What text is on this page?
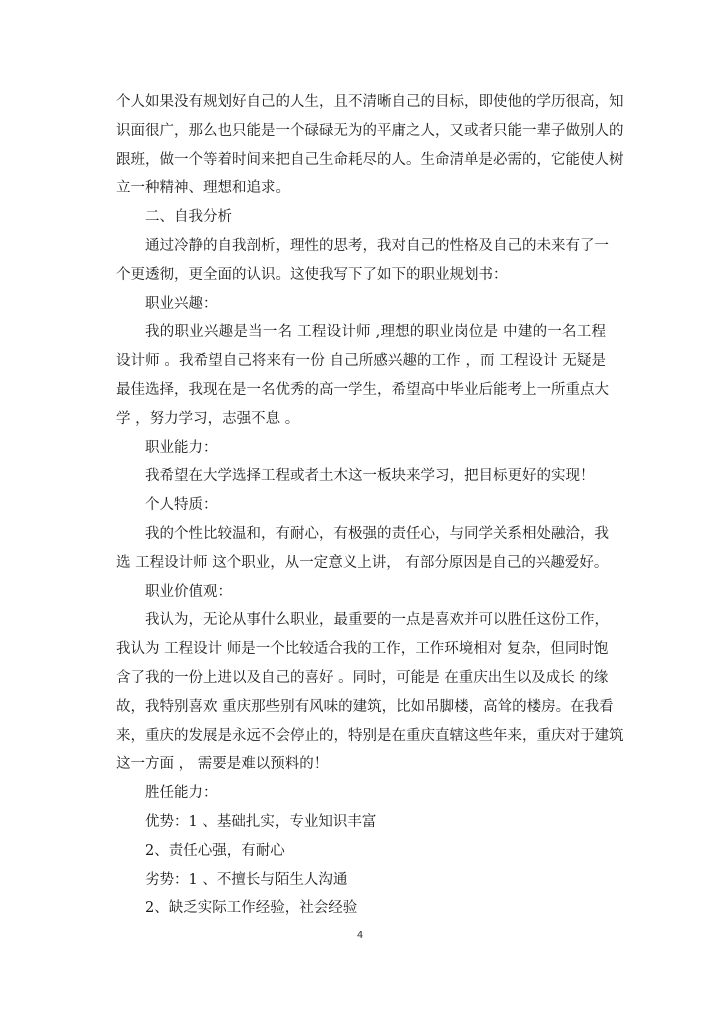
个人如果没有规划好自己的人生，且不清晰自己的目标，即使他的学历很高，知
识面很广，那么也只能是一个碌碌无为的平庸之人，又或者只能一辈子做别人的
跟班，做一个等着时间来把自己生命耗尽的人。生命清单是必需的，它能使人树
立一种精神、理想和追求。
二、自我分析
通过冷静的自我剖析，理性的思考，我对自己的性格及自己的未来有了一
个更透彻，更全面的认识。这使我写下了如下的职业规划书：
职业兴趣：
我的职业兴趣是当一名 工程设计师 ,理想的职业岗位是 中建的一名工程
设计师 。我希望自己将来有一份 自己所感兴趣的工作 ，而 工程设计 无疑是
最佳选择，我现在是一名优秀的高一学生，希望高中毕业后能考上一所重点大
学 ，努力学习，志强不息 。
职业能力：
我希望在大学选择工程或者土木这一板块来学习，把目标更好的实现！
个人特质：
我的个性比较温和，有耐心，有极强的责任心，与同学关系相处融洽，我
选 工程设计师 这个职业，从一定意义上讲， 有部分原因是自己的兴趣爱好。
职业价值观：
我认为，无论从事什么职业，最重要的一点是喜欢并可以胜任这份工作，
我认为 工程设计 师是一个比较适合我的工作，工作环境相对 复杂，但同时饱
含了我的一份上进以及自己的喜好 。同时，可能是 在重庆出生以及成长 的缘
故，我特别喜欢 重庆那些别有风味的建筑，比如吊脚楼，高耸的楼房。在我看
来，重庆的发展是永远不会停止的，特别是在重庆直辖这些年来，重庆对于建筑
这一方面 ， 需要是难以预料的！
胜任能力：
优势：1 、基础扎实，专业知识丰富
2、责任心强，有耐心
劣势：1 、不擅长与陌生人沟通
2、缺乏实际工作经验，社会经验
4
